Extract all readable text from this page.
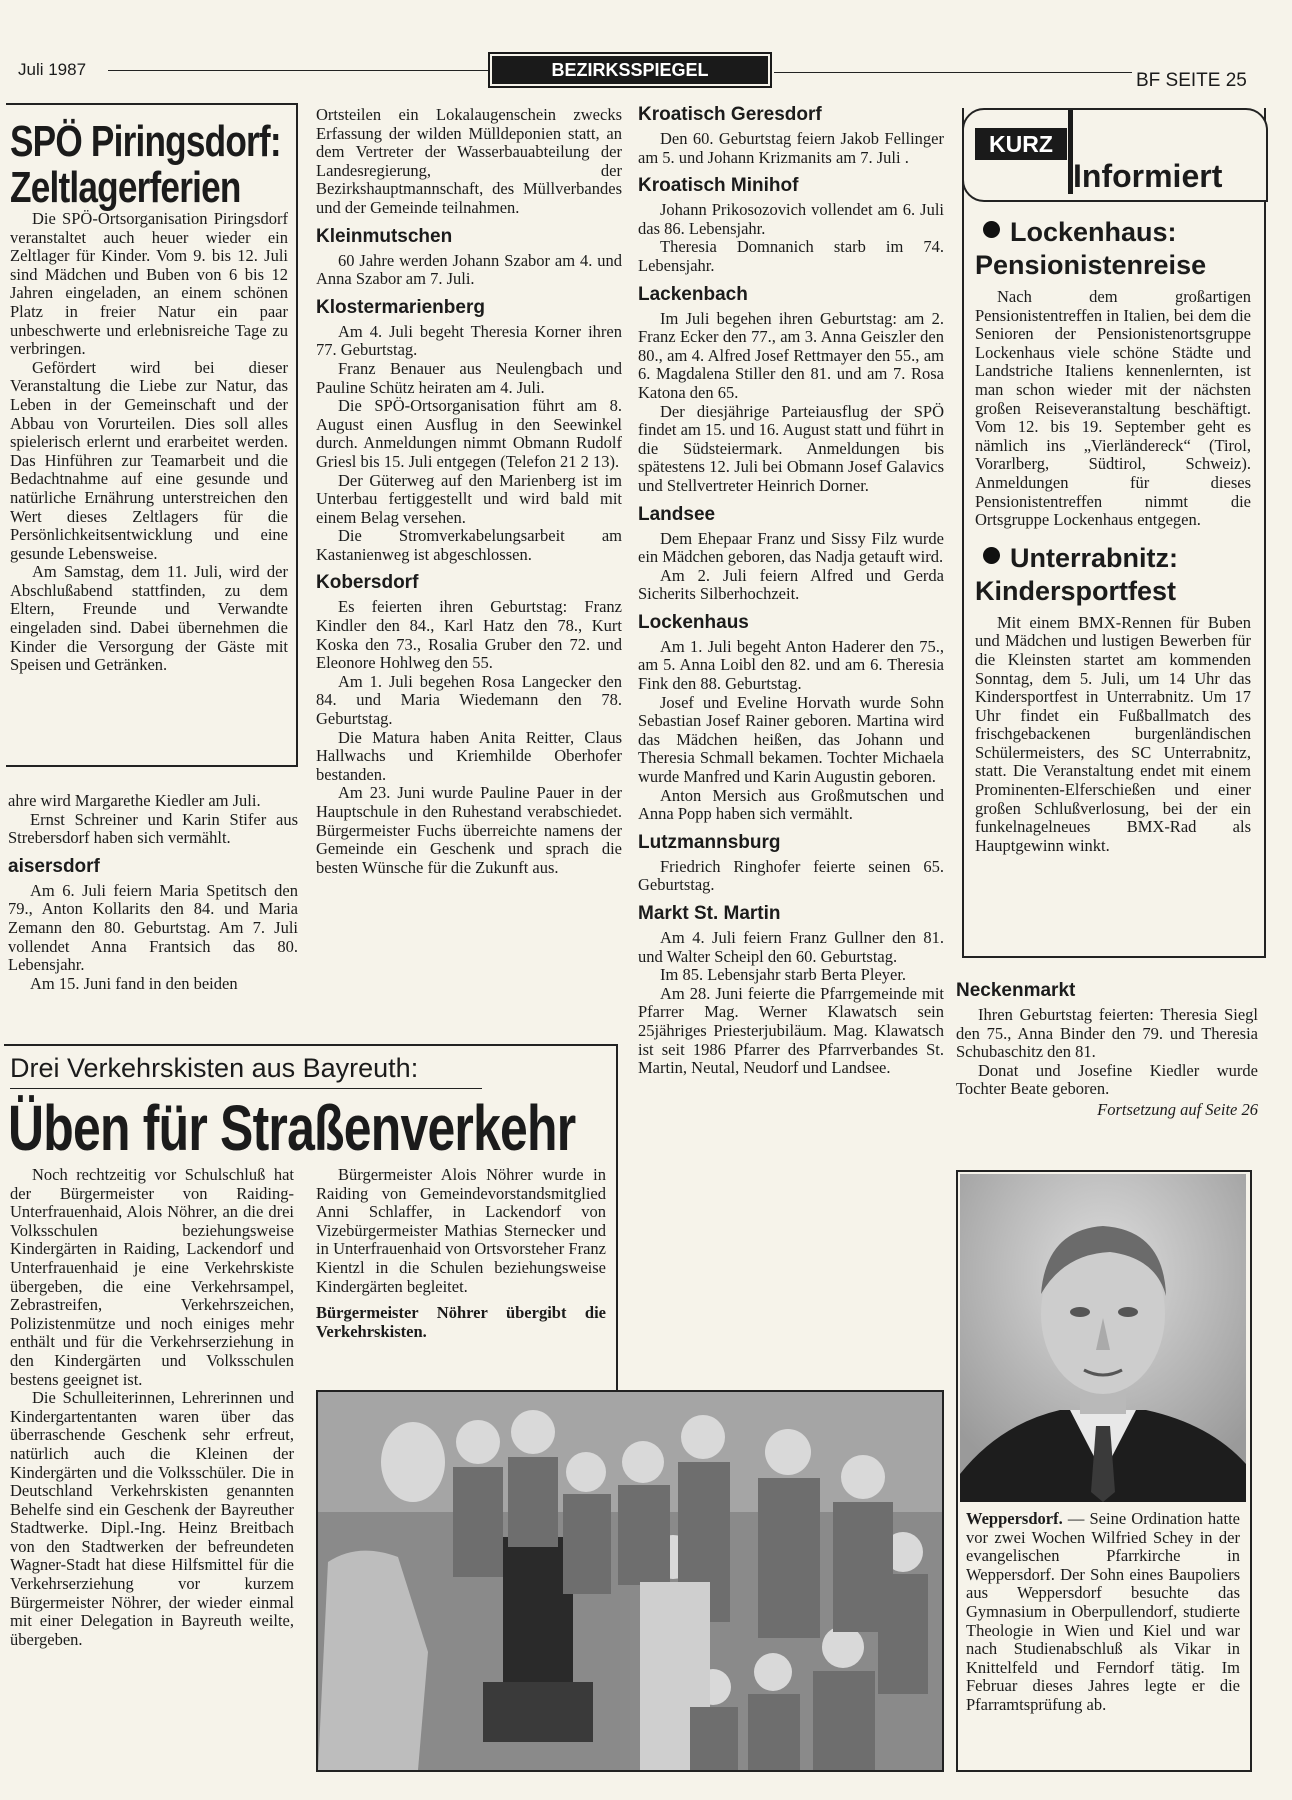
Juli 1987	BEZIRKSSPIEGEL	BF SEITE 25
SPÖ Piringsdorf:
Zeltlagerferien

Die SPÖ-Ortsorganisation Piringsdorf veranstaltet auch heuer wieder ein Zeltlager für Kinder. Vom 9. bis 12. Juli sind Mädchen und Buben von 6 bis 12 Jahren eingeladen, an einem schönen Platz in freier Natur ein paar unbeschwerte und erlebnisreiche Tage zu verbringen.

Gefördert wird bei dieser Veranstaltung die Liebe zur Natur, das Leben in der Gemeinschaft und der Abbau von Vorurteilen. Dies soll alles spielerisch erlernt und erarbeitet werden. Das Hinführen zur Teamarbeit und die Bedachtnahme auf eine gesunde und natürliche Ernährung unterstreichen den Wert dieses Zeltlagers für die Persönlichkeitsentwicklung und eine gesunde Lebensweise.

Am Samstag, dem 11. Juli, wird der Abschlußabend stattfinden, zu dem Eltern, Freunde und Verwandte eingeladen sind. Dabei übernehmen die Kinder die Versorgung der Gäste mit Speisen und Getränken.

ahre wird Margarethe Kiedler am Juli.

Ernst Schreiner und Karin Stifer aus Strebersdorf haben sich vermählt.

aisersdorf

Am 6. Juli feiern Maria Spetitsch den 79., Anton Kollarits den 84. und Maria Zemann den 80. Geburtstag. Am 7. Juli vollendet Anna Frantsich das 80. Lebensjahr.

Am 15. Juni fand in den beiden

Ortsteilen ein Lokalaugenschein zwecks Erfassung der wilden Mülldeponien statt, an dem Vertreter der Wasserbauabteilung der Landesregierung, der Bezirkshauptmannschaft, des Müllverbandes und der Gemeinde teilnahmen.

Kleinmutschen

60 Jahre werden Johann Szabor am 4. und Anna Szabor am 7. Juli.

Klostermarienberg

Am 4. Juli begeht Theresia Korner ihren 77. Geburtstag.

Franz Benauer aus Neulengbach und Pauline Schütz heiraten am 4. Juli.

Die SPÖ-Ortsorganisation führt am 8. August einen Ausflug in den Seewinkel durch. Anmeldungen nimmt Obmann Rudolf Griesl bis 15. Juli entgegen (Telefon 21 2 13).

Der Güterweg auf den Marienberg ist im Unterbau fertiggestellt und wird bald mit einem Belag versehen.

Die Stromverkabelungsarbeit am Kastanienweg ist abgeschlossen.

Kobersdorf

Es feierten ihren Geburtstag: Franz Kindler den 84., Karl Hatz den 78., Kurt Koska den 73., Rosalia Gruber den 72. und Eleonore Hohlweg den 55.

Am 1. Juli begehen Rosa Langecker den 84. und Maria Wiedemann den 78. Geburtstag.

Die Matura haben Anita Reitter, Claus Hallwachs und Kriemhilde Oberhofer bestanden.

Am 23. Juni wurde Pauline Pauer in der Hauptschule in den Ruhestand verabschiedet. Bürgermeister Fuchs überreichte namens der Gemeinde ein Geschenk und sprach die besten Wünsche für die Zukunft aus.

Kroatisch Geresdorf

Den 60. Geburtstag feiern Jakob Fellinger am 5. und Johann Krizmanits am 7. Juli .

Kroatisch Minihof

Johann Prikosozovich vollendet am 6. Juli das 86. Lebensjahr.

Theresia Domnanich starb im 74. Lebensjahr.

Lackenbach

Im Juli begehen ihren Geburtstag: am 2. Franz Ecker den 77., am 3. Anna Geiszler den 80., am 4. Alfred Josef Rettmayer den 55., am 6. Magdalena Stiller den 81. und am 7. Rosa Katona den 65.

Der diesjährige Parteiausflug der SPÖ findet am 15. und 16. August statt und führt in die Südsteiermark. Anmeldungen bis spätestens 12. Juli bei Obmann Josef Galavics und Stellvertreter Heinrich Dorner.

Landsee

Dem Ehepaar Franz und Sissy Filz wurde ein Mädchen geboren, das Nadja getauft wird.

Am 2. Juli feiern Alfred und Gerda Sicherits Silberhochzeit.

Lockenhaus

Am 1. Juli begeht Anton Haderer den 75., am 5. Anna Loibl den 82. und am 6. Theresia Fink den 88. Geburtstag.

Josef und Eveline Horvath wurde Sohn Sebastian Josef Rainer geboren. Martina wird das Mädchen heißen, das Johann und Theresia Schmall bekamen. Tochter Michaela wurde Manfred und Karin Augustin geboren.

Anton Mersich aus Großmutschen und Anna Popp haben sich vermählt.

Lutzmannsburg

Friedrich Ringhofer feierte seinen 65. Geburtstag.

Markt St. Martin

Am 4. Juli feiern Franz Gullner den 81. und Walter Scheipl den 60. Geburtstag.

Im 85. Lebensjahr starb Berta Pleyer.

Am 28. Juni feierte die Pfarrgemeinde mit Pfarrer Mag. Werner Klawatsch sein 25jähriges Priesterjubiläum. Mag. Klawatsch ist seit 1986 Pfarrer des Pfarrverbandes St. Martin, Neutal, Neudorf und Landsee.

KURZ
Informiert
Lockenhaus:
Pensionistenreise

Nach dem großartigen Pensionistentreffen in Italien, bei dem die Senioren der Pensionistenortsgruppe Lockenhaus viele schöne Städte und Landstriche Italiens kennenlernten, ist man schon wieder mit der nächsten großen Reiseveranstaltung beschäftigt. Vom 12. bis 19. September geht es nämlich ins „Vierländereck“ (Tirol, Vorarlberg, Südtirol, Schweiz). Anmeldungen für dieses Pensionistentreffen nimmt die Ortsgruppe Lockenhaus entgegen.

Unterrabnitz:
Kindersportfest

Mit einem BMX-Rennen für Buben und Mädchen und lustigen Bewerben für die Kleinsten startet am kommenden Sonntag, dem 5. Juli, um 14 Uhr das Kindersportfest in Unterrabnitz. Um 17 Uhr findet ein Fußballmatch des frischgebackenen burgenländischen Schülermeisters, des SC Unterrabnitz, statt. Die Veranstaltung endet mit einem Prominenten-Elferschießen und einer großen Schlußverlosung, bei der ein funkelnagelneues BMX-Rad als Hauptgewinn winkt.

Neckenmarkt

Ihren Geburtstag feierten: Theresia Siegl den 75., Anna Binder den 79. und Theresia Schubaschitz den 81.

Donat und Josefine Kiedler wurde Tochter Beate geboren.

Fortsetzung auf Seite 26

Weppersdorf. — Seine Ordination hatte vor zwei Wochen Wilfried Schey in der evangelischen Pfarrkirche in Weppersdorf. Der Sohn eines Baupoliers aus Weppersdorf besuchte das Gymnasium in Oberpullendorf, studierte Theologie in Wien und Kiel und war nach Studienabschluß als Vikar in Knittelfeld und Ferndorf tätig. Im Februar dieses Jahres legte er die Pfarramtsprüfung ab.

Drei Verkehrskisten aus Bayreuth:
Üben für Straßenverkehr

Noch rechtzeitig vor Schulschluß hat der Bürgermeister von Raiding-Unterfrauenhaid, Alois Nöhrer, an die drei Volksschulen beziehungsweise Kindergärten in Raiding, Lackendorf und Unterfrauenhaid je eine Verkehrskiste übergeben, die eine Verkehrsampel, Zebrastreifen, Verkehrszeichen, Polizistenmütze und noch einiges mehr enthält und für die Verkehrserziehung in den Kindergärten und Volksschulen bestens geeignet ist.

Die Schulleiterinnen, Lehrerinnen und Kindergartentanten waren über das überraschende Geschenk sehr erfreut, natürlich auch die Kleinen der Kindergärten und die Volksschüler. Die in Deutschland Verkehrskisten genannten Behelfe sind ein Geschenk der Bayreuther Stadtwerke. Dipl.-Ing. Heinz Breitbach von den Stadtwerken der befreundeten Wagner-Stadt hat diese Hilfsmittel für die Verkehrserziehung vor kurzem Bürgermeister Nöhrer, der wieder einmal mit einer Delegation in Bayreuth weilte, übergeben.

Bürgermeister Alois Nöhrer wurde in Raiding von Gemeindevorstandsmitglied Anni Schlaffer, in Lackendorf von Vizebürgermeister Mathias Sternecker und in Unterfrauenhaid von Ortsvorsteher Franz Kientzl in die Schulen beziehungsweise Kindergärten begleitet.

Bürgermeister Nöhrer übergibt die Verkehrskisten.
